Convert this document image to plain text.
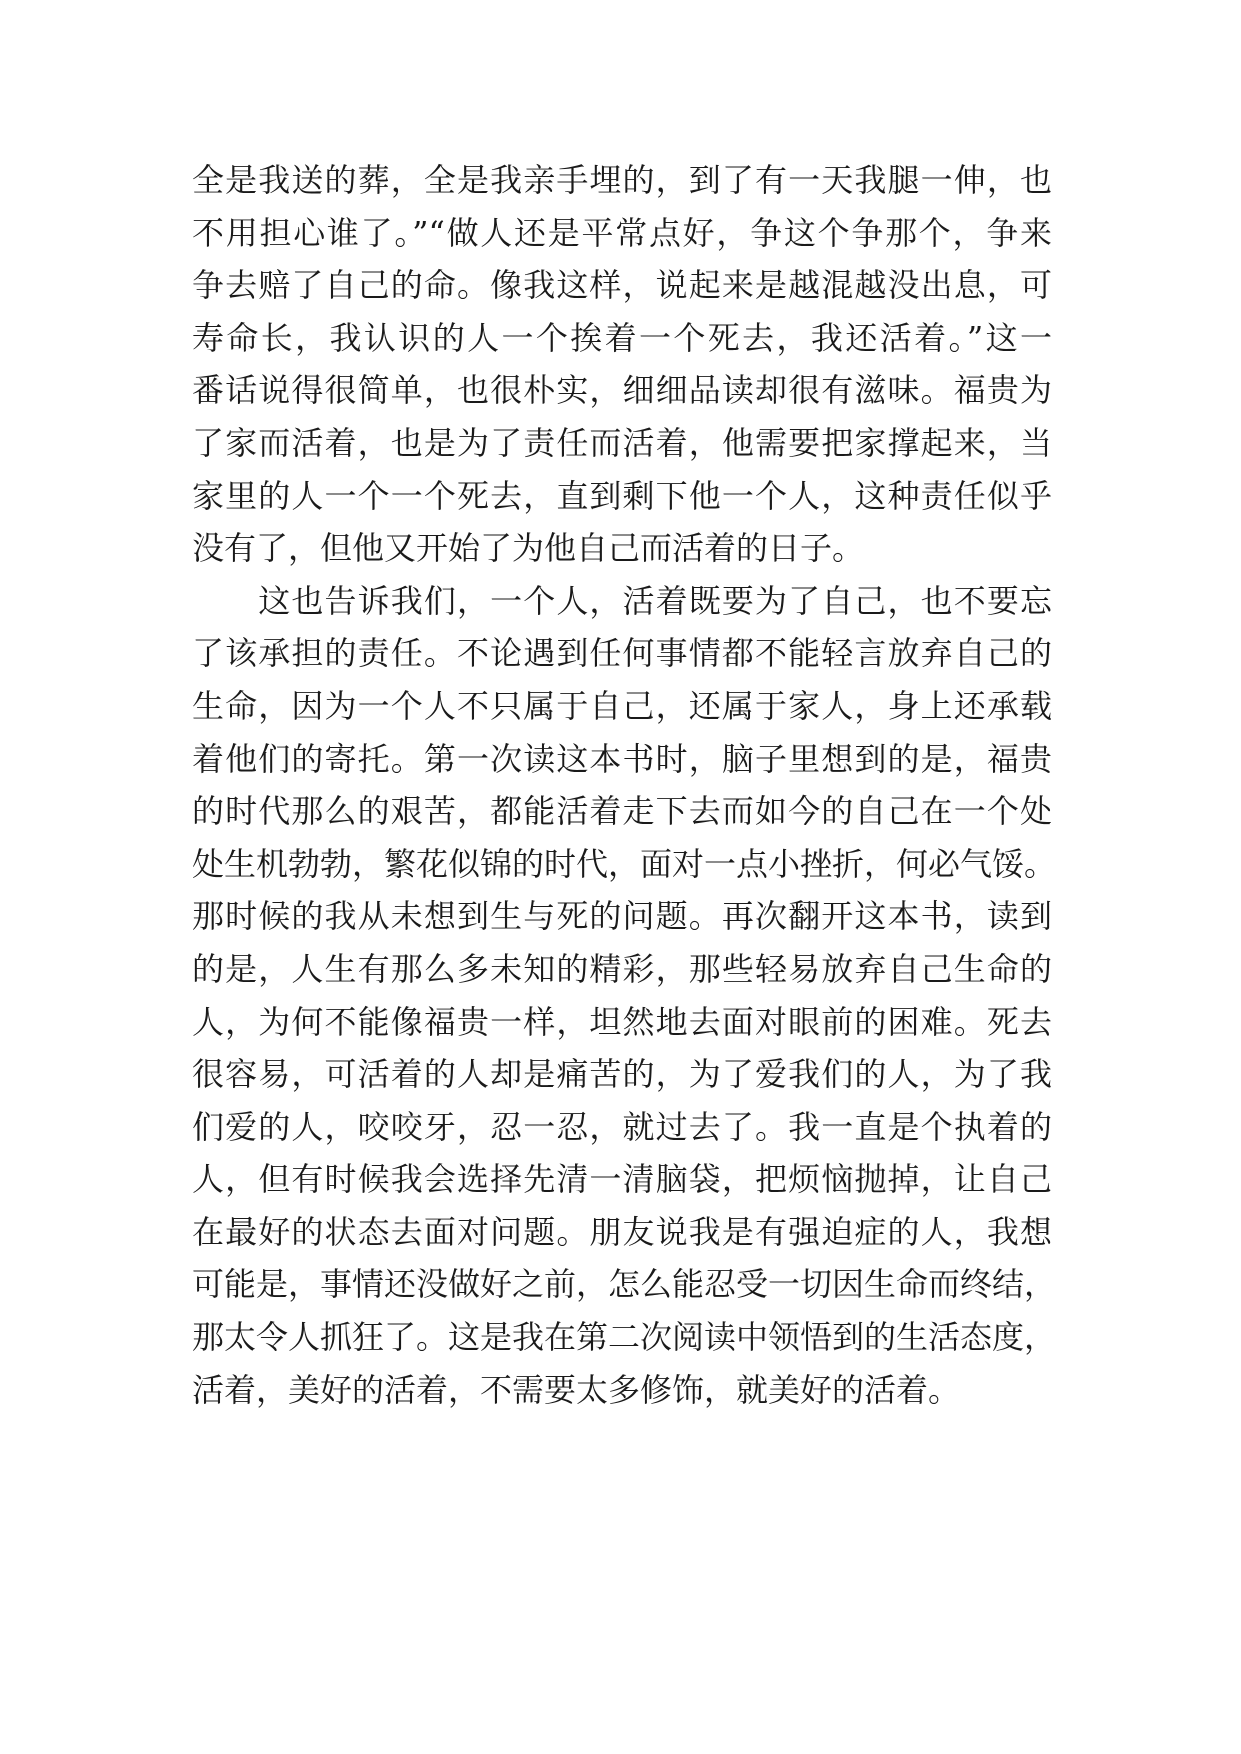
全是我送的葬，全是我亲手埋的，到了有一天我腿一伸，也
不用担心谁了。”“做人还是平常点好，争这个争那个，争来
争去赔了自己的命。像我这样，说起来是越混越没出息，可
寿命长，我认识的人一个挨着一个死去，我还活着。”这一
番话说得很简单，也很朴实，细细品读却很有滋味。福贵为
了家而活着，也是为了责任而活着，他需要把家撑起来，当
家里的人一个一个死去，直到剩下他一个人，这种责任似乎
没有了，但他又开始了为他自己而活着的日子。
　　这也告诉我们，一个人，活着既要为了自己，也不要忘
了该承担的责任。不论遇到任何事情都不能轻言放弃自己的
生命，因为一个人不只属于自己，还属于家人，身上还承载
着他们的寄托。第一次读这本书时，脑子里想到的是，福贵
的时代那么的艰苦，都能活着走下去而如今的自己在一个处
处生机勃勃，繁花似锦的时代，面对一点小挫折，何必气馁。
那时候的我从未想到生与死的问题。再次翻开这本书，读到
的是，人生有那么多未知的精彩，那些轻易放弃自己生命的
人，为何不能像福贵一样，坦然地去面对眼前的困难。死去
很容易，可活着的人却是痛苦的，为了爱我们的人，为了我
们爱的人，咬咬牙，忍一忍，就过去了。我一直是个执着的
人，但有时候我会选择先清一清脑袋，把烦恼抛掉，让自己
在最好的状态去面对问题。朋友说我是有强迫症的人，我想
可能是，事情还没做好之前，怎么能忍受一切因生命而终结，
那太令人抓狂了。这是我在第二次阅读中领悟到的生活态度，
活着，美好的活着，不需要太多修饰，就美好的活着。
